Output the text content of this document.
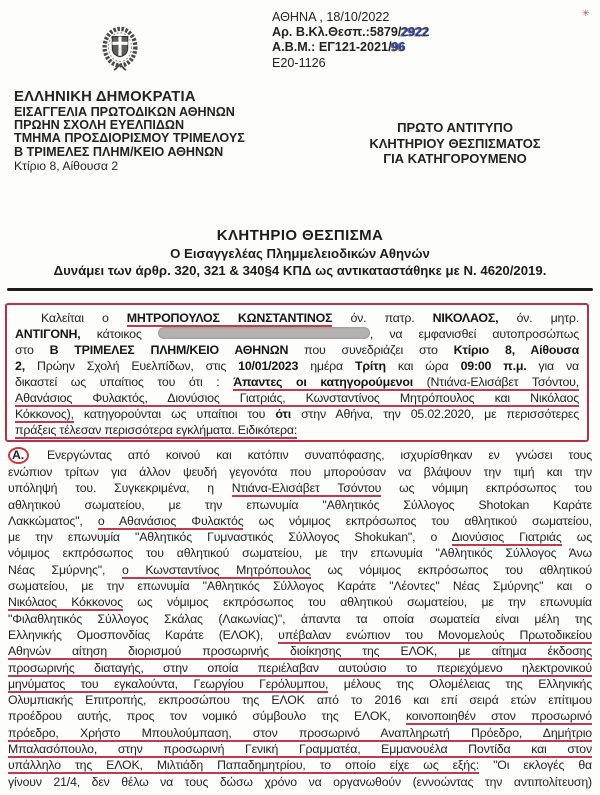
✳
ΕΛΛΗΝΙΚΗ ΔΗΜΟΚΡΑΤΙΑ
ΕΙΣΑΓΓΕΛΙΑ ΠΡΩΤΟΔΙΚΩΝ ΑΘΗΝΩΝ
ΠΡΩΗΝ ΣΧΟΛΗ ΕΥΕΛΠΙΔΩΝ
ΤΜΗΜΑ ΠΡΟΣΔΙΟΡΙΣΜΟΥ ΤΡΙΜΕΛΟΥΣ
Β ΤΡΙΜΕΛΕΣ ΠΛΗΜ/ΚΕΙΟ ΑΘΗΝΩΝ
Κτίριο 8, Αίθουσα 2
ΑΘΗΝΑ , 18/10/2022
Αρ. Β.Κλ.Θεσπ.:5879/2922
Α.Β.Μ.: ΕΓ121-2021/96
Ε20-1126
ΠΡΩΤΟ ΑΝΤΙΤΥΠΟ
ΚΛΗΤΗΡΙΟΥ ΘΕΣΠΙΣΜΑΤΟΣ
ΓΙΑ ΚΑΤΗΓΟΡΟΥΜΕΝΟ
ΚΛΗΤΗΡΙΟ ΘΕΣΠΙΣΜΑ
Ο Εισαγγελέας Πλημμελειοδικών Αθηνών
Δυνάμει των άρθρ. 320, 321 & 340§4 ΚΠΔ ως αντικαταστάθηκε με Ν. 4620/2019.
Καλείται ο ΜΗΤΡΟΠΟΥΛΟΣ ΚΩΝΣΤΑΝΤΙΝΟΣ όν. πατρ. ΝΙΚΟΛΑΟΣ, όν. μητρ.
ΑΝΤΙΓΟΝΗ, κάτοικος	, να εμφανισθεί αυτοπροσώπως
στο Β ΤΡΙΜΕΛΕΣ ΠΛΗΜ/ΚΕΙΟ ΑΘΗΝΩΝ που συνεδριάζει στο Κτίριο 8, Αίθουσα
2, Πρώην Σχολή Ευελπίδων, στις 10/01/2023 ημέρα Τρίτη και ώρα 09:00 π.μ. για να
δικαστεί ως υπαίτιος του ότι : Άπαντες οι κατηγορούμενοι (Ντιάνα-Ελισάβετ Τσόντου,
Αθανάσιος Φυλακτός, Διονύσιος Γιατριάς, Κωνσταντίνος Μητρόπουλος και Νικόλαος
Κόκκονος), κατηγορούνται ως υπαίτιοι του ότι στην Αθήνα, την 05.02.2020, με περισσότερες
πράξεις τέλεσαν περισσότερα εγκλήματα. Ειδικότερα:
Α. Ενεργώντας από κοινού και κατόπιν συναπόφασης, ισχυρίσθηκαν εν γνώσει τους
ενώπιον τρίτων για άλλον ψευδή γεγονότα που μπορούσαν να βλάψουν την τιμή και την
υπόληψή του. Συγκεκριμένα, η Ντιάνα-Ελισάβετ Τσόντου ως νόμιμη εκπρόσωπος του
αθλητικού σωματείου, με την επωνυμία "Αθλητικός Σύλλογος Shotokan Καράτε
Λακκώματος", ο Αθανάσιος Φυλακτός ως νόμιμος εκπρόσωπος του αθλητικού σωματείου,
με την επωνυμία "Αθλητικός Γυμναστικός Σύλλογος Shokukan", ο Διονύσιος Γιατριάς ως
νόμιμος εκπρόσωπος του αθλητικού σωματείου, με την επωνυμία "Αθλητικός Σύλλογος Άνω
Νέας Σμύρνης", ο Κωνσταντίνος Μητρόπουλος ως νόμιμος εκπρόσωπος του αθλητικού
σωματείου, με την επωνυμία "Αθλητικός Σύλλογος Καράτε "Λέοντες" Νέας Σμύρνης" και ο
Νικόλαος Κόκκονος ως νόμιμος εκπρόσωπος του αθλητικού σωματείου, με την επωνυμία
"Φιλαθλητικός Σύλλογος Σκάλας (Λακωνίας)", άπαντα τα οποία σωματεία είναι μέλη της
Ελληνικής Ομοσπονδίας Καράτε (ΕΛΟΚ), υπέβαλαν ενώπιον του Μονομελούς Πρωτοδικείου
Αθηνών αίτηση διορισμού προσωρινής διοίκησης της ΕΛΟΚ, με αίτημα έκδοσης
προσωρινής διαταγής, στην οποία περιέλαβαν αυτούσιο το περιεχόμενο ηλεκτρονικού
μηνύματος του εγκαλούντα, Γεωργίου Γερόλυμπου, μέλους της Ολομέλειας της Ελληνικής
Ολυμπιακής Επιτροπής, εκπροσώπου της ΕΛΟΚ από το 2016 και επί σειρά ετών επίτιμου
προέδρου αυτής, προς τον νομικό σύμβουλο της ΕΛΟΚ, κοινοποιηθέν στον προσωρινό
πρόεδρο, Χρήστο Μπουλούμπαση, στον προσωρινό Αναπληρωτή Πρόεδρο, Δημήτριο
Μπαλασόπουλο, στην προσωρινή Γενική Γραμματέα, Εμμανουέλα Ποντίδα και στον
υπάλληλο της ΕΛΟΚ, Μιλτιάδη Παπαδημητρίου, το οποίο είχε ως εξής: "Οι εκλογές θα
γίνουν 21/4, δεν θέλω να τους δώσω χρόνο να οργανωθούν (εννοώντας την αντιπολίτευση)
